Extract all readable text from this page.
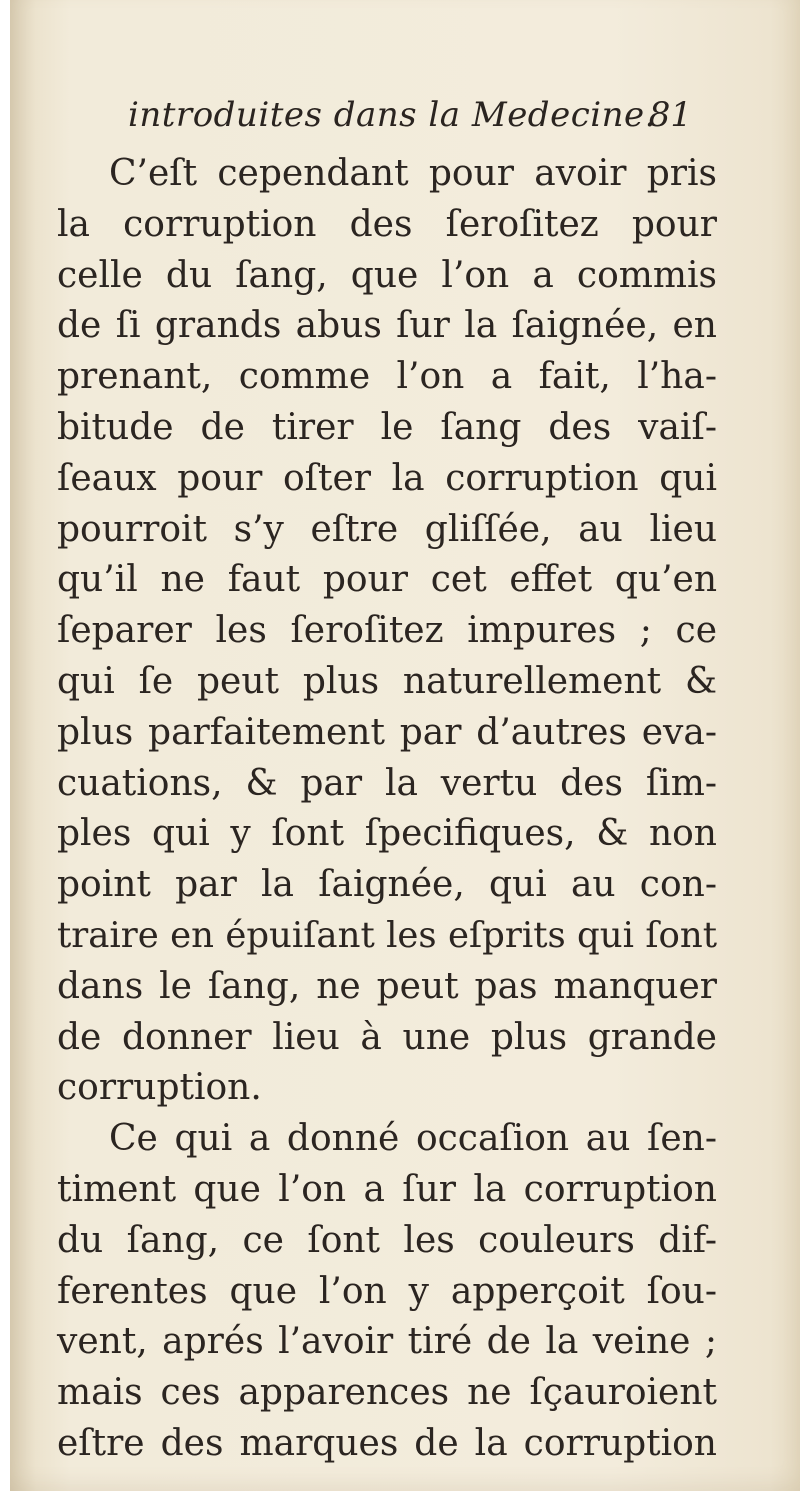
introduites dans la Medecine.
81
C’eſt cependant pour avoir pris
la corruption des ſeroſitez pour
celle du ſang, que l’on a commis
de ſi grands abus ſur la ſaignée, en
prenant, comme l’on a fait, l’ha-
bitude de tirer le ſang des vaiſ-
ſeaux pour oſter la corruption qui
pourroit s’y eſtre gliſſée, au lieu
qu’il ne faut pour cet effet qu’en
ſeparer les ſeroſitez impures ; ce
qui ſe peut plus naturellement &
plus parfaitement par d’autres eva-
cuations, & par la vertu des ſim-
ples qui y ſont ſpecifiques, & non
point par la ſaignée, qui au con-
traire en épuiſant les eſprits qui ſont
dans le ſang, ne peut pas manquer
de donner lieu à une plus grande
corruption.
Ce qui a donné occaſion au ſen-
timent que l’on a ſur la corruption
du ſang, ce ſont les couleurs dif-
ferentes que l’on y apperçoit ſou-
vent, aprés l’avoir tiré de la veine ;
mais ces apparences ne ſçauroient
eſtre des marques de la corruption
